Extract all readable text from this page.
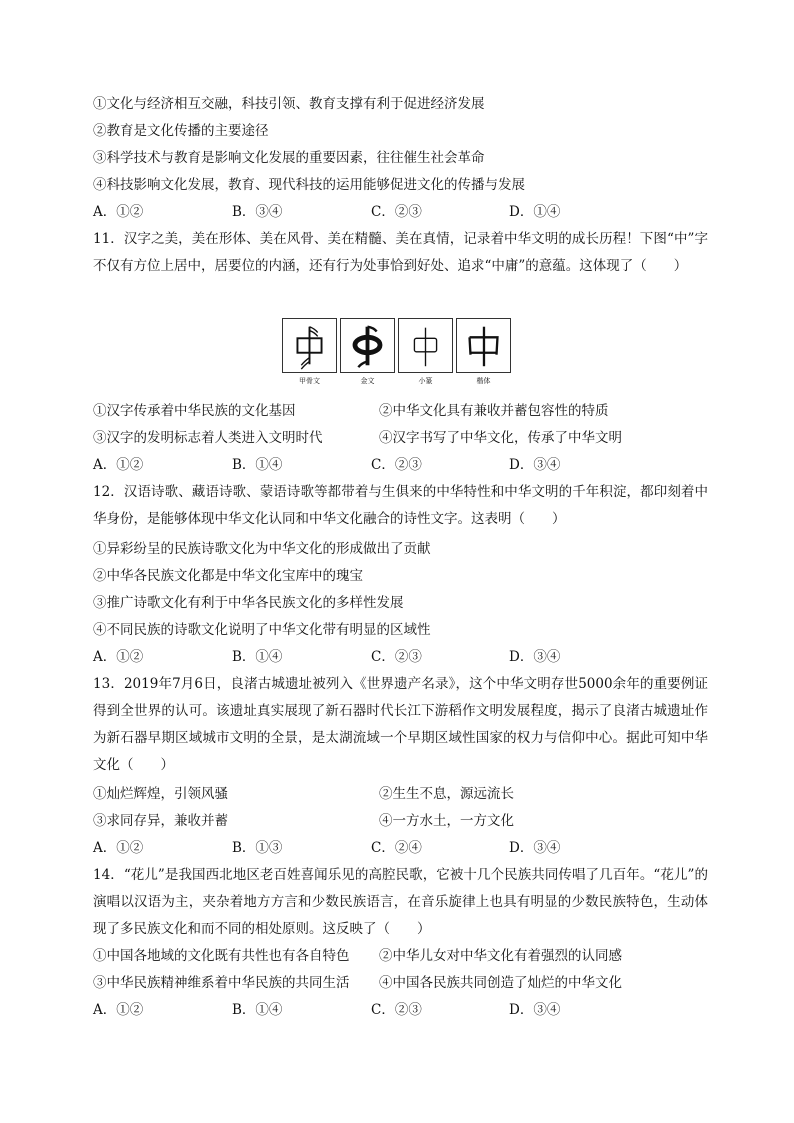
①文化与经济相互交融，科技引领、教育支撑有利于促进经济发展
②教育是文化传播的主要途径
③科学技术与教育是影响文化发展的重要因素，往往催生社会革命
④科技影响文化发展，教育、现代科技的运用能够促进文化的传播与发展
A．①②	B．③④	C．②③	D．①④
11．汉字之美，美在形体、美在风骨、美在精髓、美在真情，记录着中华文明的成长历程！下图“中”字不仅有方位上居中，居要位的内涵，还有行为处事恰到好处、追求“中庸”的意蕴。这体现了（　　）
甲骨文	金文	小篆	楷体
①汉字传承着中华民族的文化基因	②中华文化具有兼收并蓄包容性的特质
③汉字的发明标志着人类进入文明时代	④汉字书写了中华文化，传承了中华文明
A．①②	B．①④	C．②③	D．③④
12．汉语诗歌、藏语诗歌、蒙语诗歌等都带着与生俱来的中华特性和中华文明的千年积淀，都印刻着中华身份，是能够体现中华文化认同和中华文化融合的诗性文字。这表明（　　）
①异彩纷呈的民族诗歌文化为中华文化的形成做出了贡献
②中华各民族文化都是中华文化宝库中的瑰宝
③推广诗歌文化有利于中华各民族文化的多样性发展
④不同民族的诗歌文化说明了中华文化带有明显的区域性
A．①②	B．①④	C．②③	D．③④
13．2019年7月6日，良渚古城遗址被列入《世界遗产名录》，这个中华文明存世5000余年的重要例证得到全世界的认可。该遗址真实展现了新石器时代长江下游稻作文明发展程度，揭示了良渚古城遗址作为新石器早期区域城市文明的全景，是太湖流域一个早期区域性国家的权力与信仰中心。据此可知中华文化（　　）
①灿烂辉煌，引领风骚	②生生不息，源远流长
③求同存异，兼收并蓄	④一方水土，一方文化
A．①②	B．①③	C．②④	D．③④
14．“花儿”是我国西北地区老百姓喜闻乐见的高腔民歌，它被十几个民族共同传唱了几百年。“花儿”的演唱以汉语为主，夹杂着地方方言和少数民族语言，在音乐旋律上也具有明显的少数民族特色，生动体现了多民族文化和而不同的相处原则。这反映了（　　）
①中国各地域的文化既有共性也有各自特色 ②中华儿女对中华文化有着强烈的认同感
③中华民族精神维系着中华民族的共同生活 ④中国各民族共同创造了灿烂的中华文化
A．①②	B．①④	C．②③	D．③④
